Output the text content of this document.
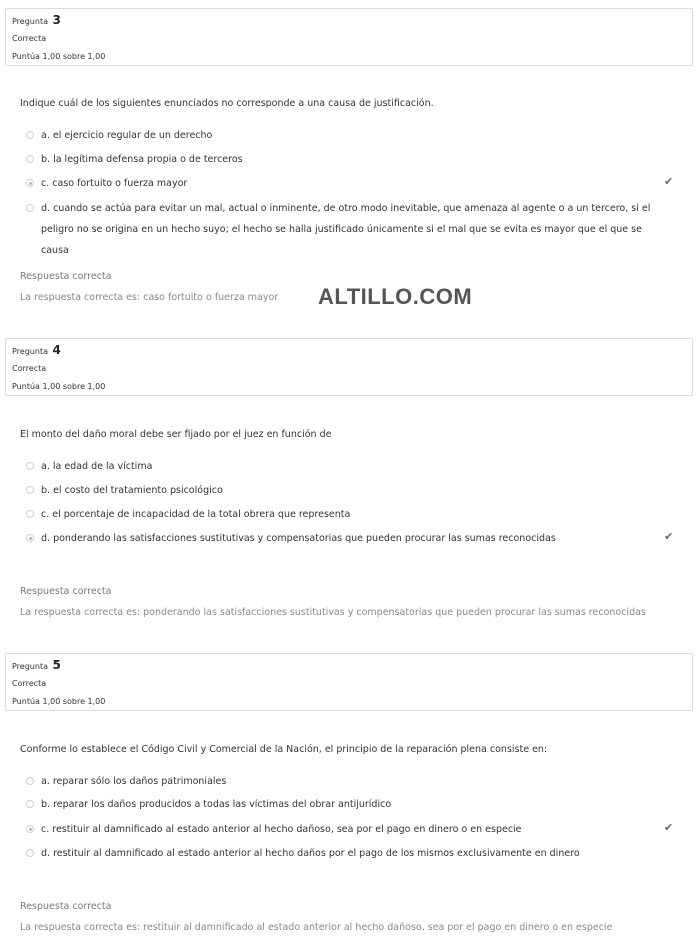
Pregunta 3
Correcta
Puntúa 1,00 sobre 1,00
Indique cuál de los siguientes enunciados no corresponde a una causa de justificación.
a. el ejercicio regular de un derecho
b. la legítima defensa propia o de terceros
c. caso fortuito o fuerza mayor	✔
d. cuando se actúa para evitar un mal, actual o inminente, de otro modo inevitable, que amenaza al agente o a un tercero, si el peligro no se origina en un hecho suyo; el hecho se halla justificado únicamente si el mal que se evita es mayor que el que se causa
Respuesta correcta
La respuesta correcta es: caso fortuito o fuerza mayor ALTILLO.COM
Pregunta 4
Correcta
Puntúa 1,00 sobre 1,00
El monto del daño moral debe ser fijado por el juez en función de
a. la edad de la víctima
b. el costo del tratamiento psicológico
c. el porcentaje de incapacidad de la total obrera que representa
d. ponderando las satisfacciones sustitutivas y compensatorias que pueden procurar las sumas reconocidas	✔
Respuesta correcta
La respuesta correcta es: ponderando las satisfacciones sustitutivas y compensatorias que pueden procurar las sumas reconocidas
Pregunta 5
Correcta
Puntúa 1,00 sobre 1,00
Conforme lo establece el Código Civil y Comercial de la Nación, el principio de la reparación plena consiste en:
a. reparar sólo los daños patrimoniales
b. reparar los daños producidos a todas las víctimas del obrar antijurídico
c. restituir al damnificado al estado anterior al hecho dañoso, sea por el pago en dinero o en especie	✔
d. restituir al damnificado al estado anterior al hecho daños por el pago de los mismos exclusivamente en dinero
Respuesta correcta
La respuesta correcta es: restituir al damnificado al estado anterior al hecho dañoso, sea por el pago en dinero o en especie
